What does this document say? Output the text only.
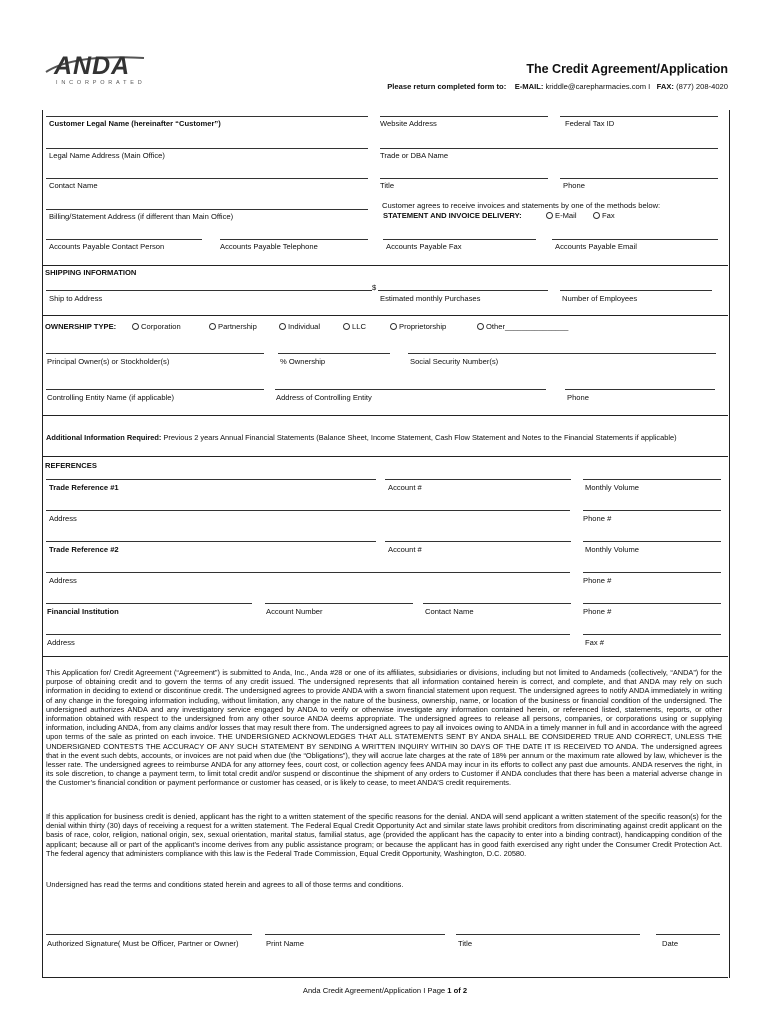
ANDA
INCORPORATED
The Credit Agreement/Application
Please return completed form to: E-MAIL: kriddle@carepharmacies.com I FAX: (877) 208-4020
Customer Legal Name (hereinafter “Customer”)	Website Address	Federal Tax ID
Legal Name Address (Main Office)	Trade or DBA Name
Contact Name	Title	Phone
Billing/Statement Address (if different than Main Office)
Customer agrees to receive invoices and statements by one of the methods below:
STATEMENT AND INVOICE DELIVERY:	E-Mail	Fax
Accounts Payable Contact Person	Accounts Payable Telephone	Accounts Payable Fax	Accounts Payable Email
SHIPPING INFORMATION
$
Ship to Address	Estimated monthly Purchases	Number of Employees
OWNERSHIP TYPE:	Corporation	Partnership	Individual	LLC	Proprietorship	Other_______________
Principal Owner(s) or Stockholder(s)	% Ownership	Social Security Number(s)
Controlling Entity Name (if applicable)	Address of Controlling Entity	Phone
Additional Information Required: Previous 2 years Annual Financial Statements (Balance Sheet, Income Statement, Cash Flow Statement and Notes to the Financial Statements if applicable)
REFERENCES
Trade Reference #1	Account #	Monthly Volume
Address	Phone #
Trade Reference #2	Account #	Monthly Volume
Address	Phone #
Financial Institution	Account Number	Contact Name	Phone #
Address	Fax #
This Application for/ Credit Agreement (“Agreement”) is submitted to Anda, Inc., Anda #28 or one of its affiliates, subsidiaries or divisions, including but not limited to Andameds (collectively, “ANDA”) for the purpose of obtaining credit and to govern the terms of any credit issued. The undersigned represents that all information contained herein is correct, and complete, and that ANDA may rely on such information in deciding to extend or discontinue credit. The undersigned agrees to provide ANDA with a sworn financial statement upon request. The undersigned agrees to notify ANDA immediately in writing of any change in the foregoing information including, without limitation, any change in the nature of the business, ownership, name, or location of the business or financial condition of the undersigned. The undersigned authorizes ANDA and any investigatory service engaged by ANDA to verify or otherwise investigate any information contained herein, or referenced listed, statements, reports, or other information obtained with respect to the undersigned from any other source ANDA deems appropriate. The undersigned agrees to release all persons, companies, or corporations using or supplying information, including ANDA, from any claims and/or losses that may result there from. The undersigned agrees to pay all invoices owing to ANDA in a timely manner in full and in accordance with the agreed upon terms of the sale as printed on each invoice. THE UNDERSIGNED ACKNOWLEDGES THAT ALL STATEMENTS SENT BY ANDA SHALL BE CONSIDERED TRUE AND CORRECT, UNLESS THE UNDERSIGNED CONTESTS THE ACCURACY OF ANY SUCH STATEMENT BY SENDING A WRITTEN INQUIRY WITHIN 30 DAYS OF THE DATE IT IS RECEIVED TO ANDA. The undersigned agrees that in the event such debts, accounts, or invoices are not paid when due (the “Obligations”), they will accrue late charges at the rate of 18% per annum or the maximum rate allowed by law, whichever is the lesser rate. The undersigned agrees to reimburse ANDA for any attorney fees, court cost, or collection agency fees ANDA may incur in its efforts to collect any past due amounts. ANDA reserves the right, in its sole discretion, to change a payment term, to limit total credit and/or suspend or discontinue the shipment of any orders to Customer if ANDA concludes that there has been a material adverse change in the Customer’s financial condition or payment performance or customer has ceased, or is likely to cease, to meet ANDA’S credit requirements.
If this application for business credit is denied, applicant has the right to a written statement of the specific reasons for the denial. ANDA will send applicant a written statement of the specific reason(s) for the denial within thirty (30) days of receiving a request for a written statement. The Federal Equal Credit Opportunity Act and similar state laws prohibit creditors from discriminating against credit applicant on the basis of race, color, religion, national origin, sex, sexual orientation, marital status, familial status, age (provided the applicant has the capacity to enter into a binding contract), handicapping condition of the applicant; because all or part of the applicant’s income derives from any public assistance program; or because the applicant has in good faith exercised any right under the Consumer Credit Protection Act. The federal agency that administers compliance with this law is the Federal Trade Commission, Equal Credit Opportunity, Washington, D.C. 20580.
Undersigned has read the terms and conditions stated herein and agrees to all of those terms and conditions.
Authorized Signature( Must be Officer, Partner or Owner)	Print Name	Title	Date
Anda Credit Agreement/Application I Page 1 of 2
